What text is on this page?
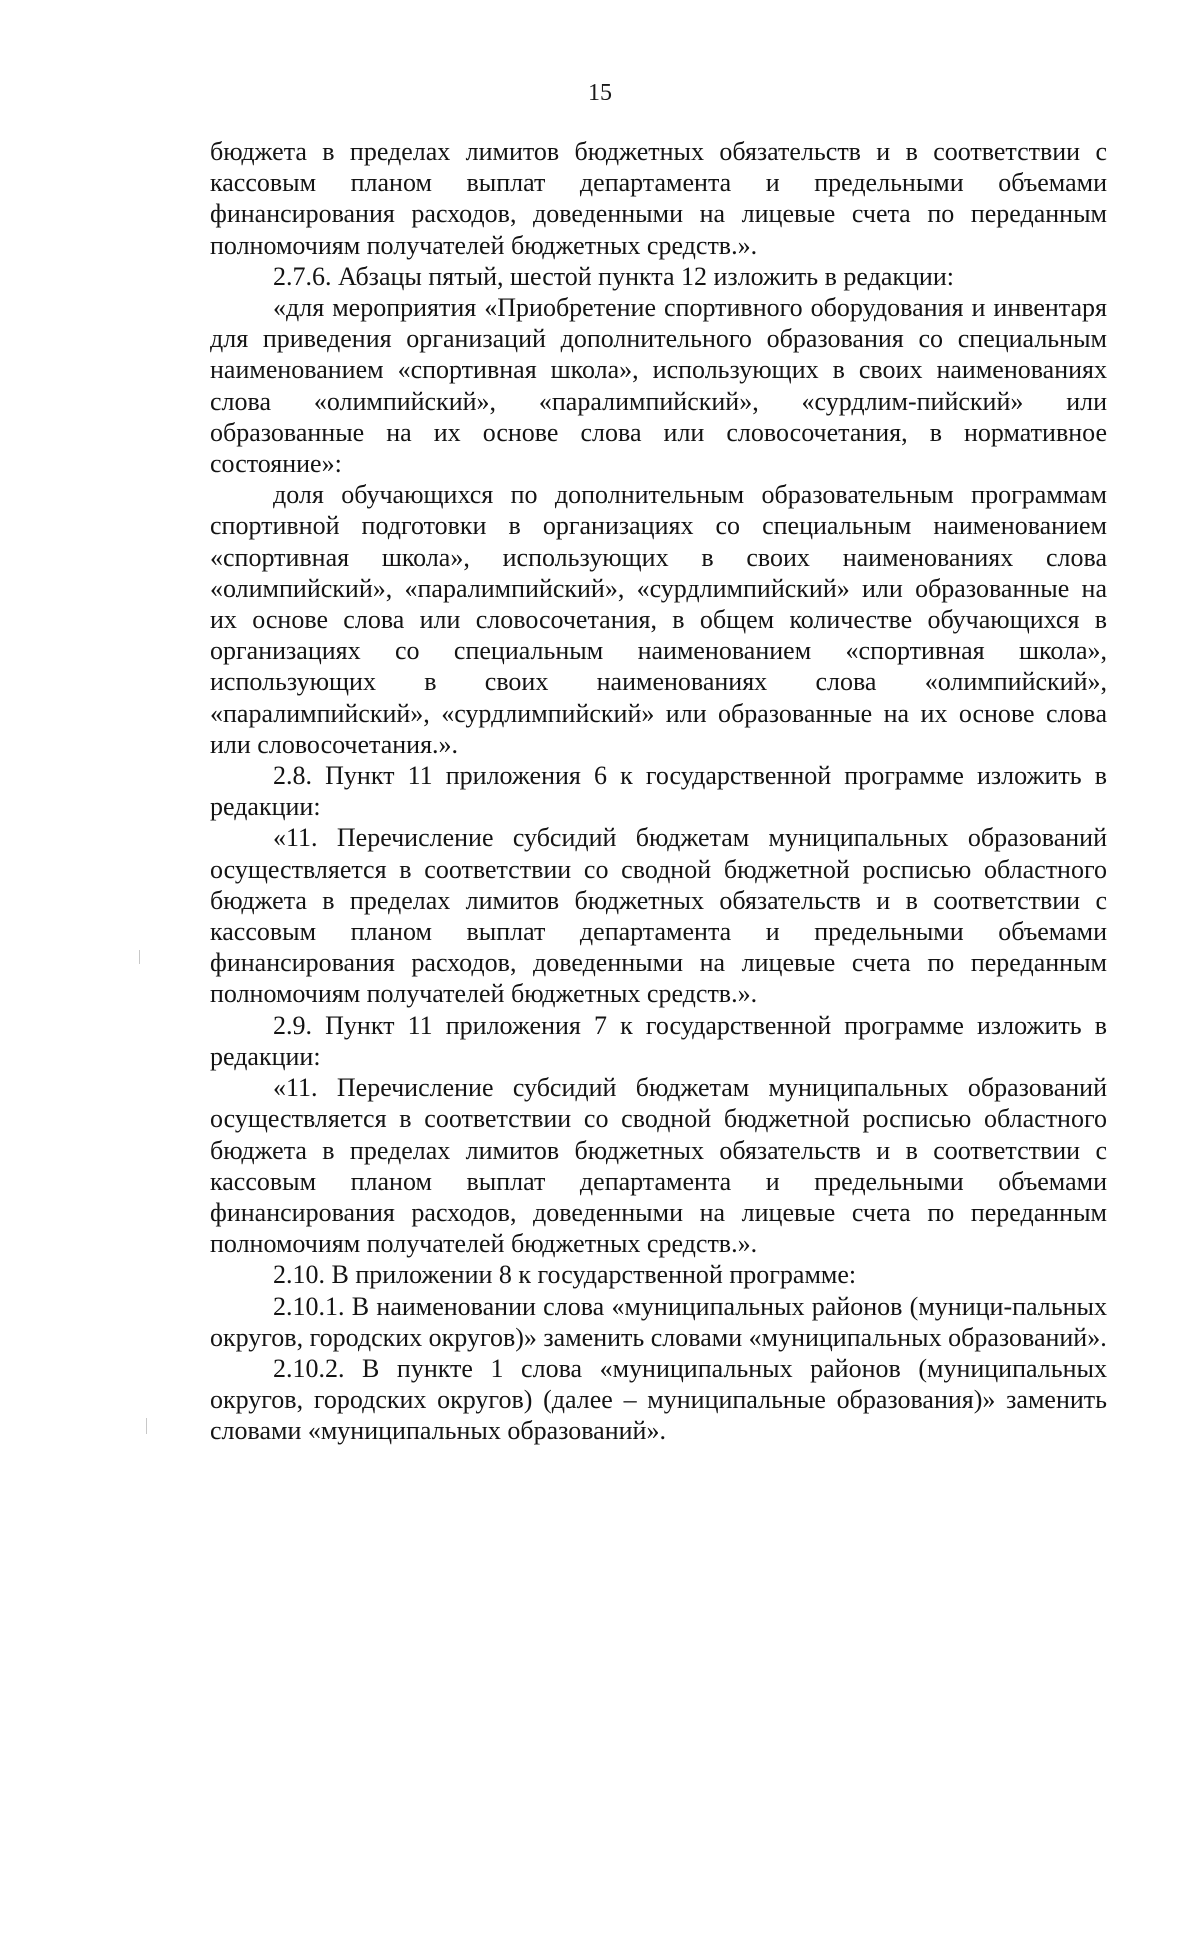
15

бюджета в пределах лимитов бюджетных обязательств и в соответствии с кассовым планом выплат департамента и предельными объемами финансирования расходов, доведенными на лицевые счета по переданным полномочиям получателей бюджетных средств.».

2.7.6. Абзацы пятый, шестой пункта 12 изложить в редакции:

«для мероприятия «Приобретение спортивного оборудования и инвентаря для приведения организаций дополнительного образования со специальным наименованием «спортивная школа», использующих в своих наименованиях слова «олимпийский», «паралимпийский», «сурдлим-пийский» или образованные на их основе слова или словосочетания, в нормативное состояние»:

доля обучающихся по дополнительным образовательным программам спортивной подготовки в организациях со специальным наименованием «спортивная школа», использующих в своих наименованиях слова «олимпийский», «паралимпийский», «сурдлимпийский» или образованные на их основе слова или словосочетания, в общем количестве обучающихся в организациях со специальным наименованием «спортивная школа», использующих в своих наименованиях слова «олимпийский», «паралимпийский», «сурдлимпийский» или образованные на их основе слова или словосочетания.».

2.8. Пункт 11 приложения 6 к государственной программе изложить в редакции:

«11. Перечисление субсидий бюджетам муниципальных образований осуществляется в соответствии со сводной бюджетной росписью областного бюджета в пределах лимитов бюджетных обязательств и в соответствии с кассовым планом выплат департамента и предельными объемами финансирования расходов, доведенными на лицевые счета по переданным полномочиям получателей бюджетных средств.».

2.9. Пункт 11 приложения 7 к государственной программе изложить в редакции:

«11. Перечисление субсидий бюджетам муниципальных образований осуществляется в соответствии со сводной бюджетной росписью областного бюджета в пределах лимитов бюджетных обязательств и в соответствии с кассовым планом выплат департамента и предельными объемами финансирования расходов, доведенными на лицевые счета по переданным полномочиям получателей бюджетных средств.».

2.10. В приложении 8 к государственной программе:

2.10.1. В наименовании слова «муниципальных районов (муници-пальных округов, городских округов)» заменить словами «муниципальных образований».

2.10.2. В пункте 1 слова «муниципальных районов (муниципальных округов, городских округов) (далее – муниципальные образования)» заменить словами «муниципальных образований».
